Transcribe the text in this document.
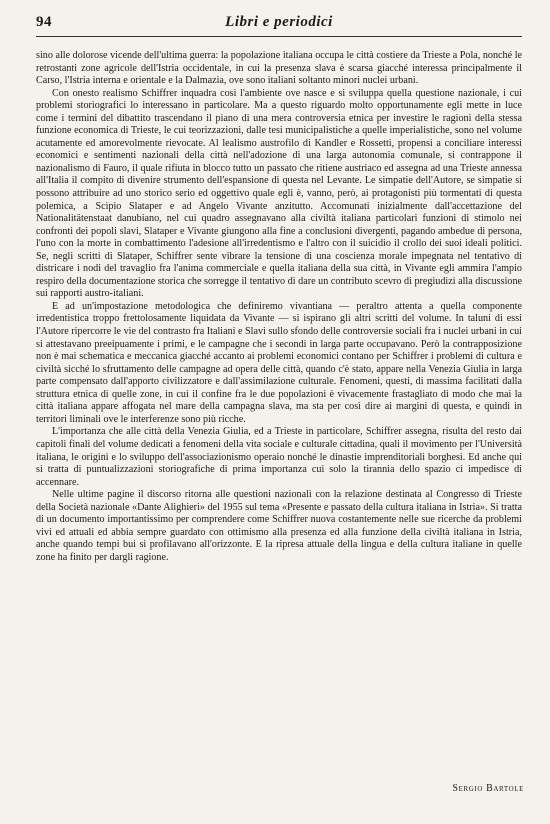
94	Libri e periodici

sino alle dolorose vicende dell'ultima guerra: la popolazione italiana occupa le città costiere da Trieste a Pola, nonché le retrostanti zone agricole dell'Istria occidentale, in cui la presenza slava è scarsa giacché interessa principalmente il Carso, l'Istria interna e orientale e la Dalmazia, ove sono italiani soltanto minori nuclei urbani.

Con onesto realismo Schiffrer inquadra così l'ambiente ove nasce e si sviluppa quella questione nazionale, i cui problemi storiografici lo interessano in particolare. Ma a questo riguardo molto opportunamente egli mette in luce come i termini del dibattito trascendano il piano di una mera controversia etnica per investire le ragioni della stessa funzione economica di Trieste, le cui teorizzazioni, dalle tesi municipalistiche a quelle imperialistiche, sono nel volume acutamente ed amorevolmente rievocate. Al lealismo austrofilo di Kandler e Rossetti, propensi a conciliare interessi economici e sentimenti nazionali della città nell'adozione di una larga autonomia comunale, si contrappone il nazionalismo di Fauro, il quale rifiuta in blocco tutto un passato che ritiene austriaco ed assegna ad una Trieste annessa all'Italia il compito di divenire strumento dell'espansione di questa nel Levante. Le simpatie dell'Autore, se simpatie si possono attribuire ad uno storico serio ed oggettivo quale egli è, vanno, però, ai protagonisti più tormentati di questa polemica, a Scipio Slataper e ad Angelo Vivante anzitutto. Accomunati inizialmente dall'accettazione del Nationalitätenstaat danubiano, nel cui quadro assegnavano alla civiltà italiana particolari funzioni di stimolo nei confronti dei popoli slavi, Slataper e Vivante giungono alla fine a conclusioni divergenti, pagando ambedue di persona, l'uno con la morte in combattimento l'adesione all'irredentismo e l'altro con il suicidio il crollo dei suoi ideali politici. Se, negli scritti di Slataper, Schiffrer sente vibrare la tensione di una coscienza morale impegnata nel tentativo di districare i nodi del travaglio fra l'anima commerciale e quella italiana della sua città, in Vivante egli ammira l'ampio respiro della documentazione storica che sorregge il tentativo di dare un contributo scevro di pregiudizi alla discussione sui rapporti austro-italiani.

E ad un'impostazione metodologica che definiremo vivantiana — peraltro attenta a quella componente irredentistica troppo frettolosamente liquidata da Vivante — si ispirano gli altri scritti del volume. In taluni di essi l'Autore ripercorre le vie del contrasto fra Italiani e Slavi sullo sfondo delle controversie sociali fra i nuclei urbani in cui si attestavano preeipuamente i primi, e le campagne che i secondi in larga parte occupavano. Però la contrapposizione non è mai schematica e meccanica giacché accanto ai problemi economici contano per Schiffrer i problemi di cultura e civiltà sicché lo sfruttamento delle campagne ad opera delle città, quando c'è stato, appare nella Venezia Giulia in larga parte compensato dall'apporto civilizzatore e dall'assimilazione culturale. Fenomeni, questi, di massima facilitati dalla struttura etnica di quelle zone, in cui il confine fra le due popolazioni è vivacemente frastagliato di modo che mai la città italiana appare affogata nel mare della campagna slava, ma sta per così dire ai margini di questa, e quindi in territori liminali ove le interferenze sono più ricche.

L'importanza che alle città della Venezia Giulia, ed a Trieste in particolare, Schiffrer assegna, risulta del resto dai capitoli finali del volume dedicati a fenomeni della vita sociale e culturale cittadina, quali il movimento per l'Università italiana, le origini e lo sviluppo dell'associazionismo operaio nonché le dinastie imprenditoriali borghesi. Ed anche qui si tratta di puntualizzazioni storiografiche di prima importanza cui solo la tirannia dello spazio ci impedisce di accennare.

Nelle ultime pagine il discorso ritorna alle questioni nazionali con la relazione destinata al Congresso di Trieste della Società nazionale «Dante Alighieri» del 1955 sul tema «Presente e passato della cultura italiana in Istria». Si tratta di un documento importantissimo per comprendere come Schiffrer nuova costantemente nelle sue ricerche da problemi vivi ed attuali ed abbia sempre guardato con ottimismo alla presenza ed alla funzione della civiltà italiana in Istria, anche quando tempi bui si profilavano all'orizzonte. E la ripresa attuale della lingua e della cultura italiane in quelle zone ha finito per dargli ragione.

Sergio Bartole
